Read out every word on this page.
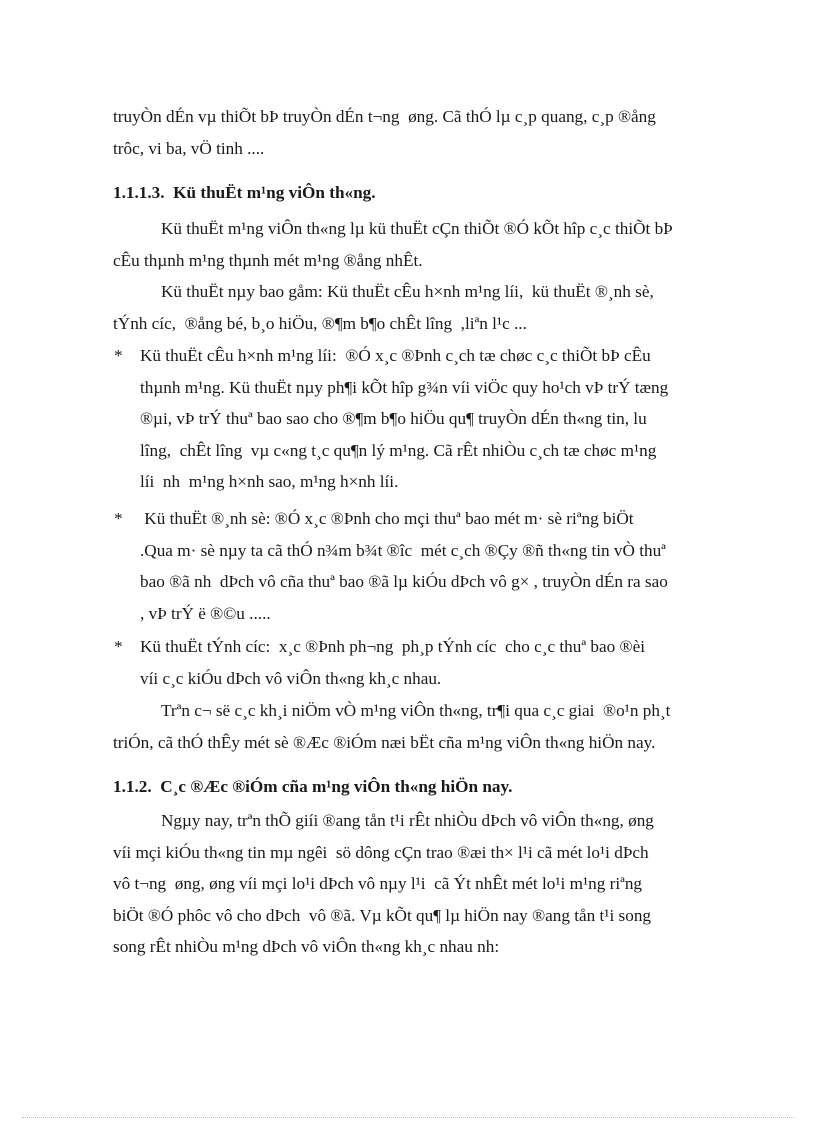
truyÒn dÉn vµ thiÕt bÞ truyÒn dÉn t¬ng  øng. Cã thÓ lµ c¸p quang, c¸p ®ång
trôc, vi ba, vÖ tinh ....
1.1.1.3.  Kü thuËt m¹ng viÔn th«ng.
Kü thuËt m¹ng viÔn th«ng lµ kü thuËt cÇn thiÕt ®Ó kÕt hîp c¸c thiÕt bÞ
cÊu thµnh m¹ng thµnh mét m¹ng ®ång nhÊt.
Kü thuËt nµy bao gåm: Kü thuËt cÊu h×nh m¹ng líi,  kü thuËt ®¸nh sè,
tÝnh cíc,  ®ång bé, b¸o hiÖu, ®¶m b¶o chÊt lîng  ,liªn l¹c ...
* Kü thuËt cÊu h×nh m¹ng líi:  ®Ó x¸c ®Þnh c¸ch tæ chøc c¸c thiÕt bÞ cÊu
thµnh m¹ng. Kü thuËt nµy ph¶i kÕt hîp g¾n víi viÖc quy ho¹ch vÞ trÝ tæng
®µi, vÞ trÝ thuª bao sao cho ®¶m b¶o hiÖu qu¶ truyÒn dÉn th«ng tin, lu
lîng,  chÊt lîng  vµ c«ng t¸c qu¶n lý m¹ng. Cã rÊt nhiÒu c¸ch tæ chøc m¹ng
líi  nh  m¹ng h×nh sao, m¹ng h×nh líi.
* Kü thuËt ®¸nh sè: ®Ó x¸c ®Þnh cho mçi thuª bao mét m· sè riªng biÖt
.Qua m· sè nµy ta cã thÓ n¾m b¾t ®îc  mét c¸ch ®Çy ®ñ th«ng tin vÒ thuª
bao ®ã nh  dÞch vô cña thuª bao ®ã lµ kiÓu dÞch vô g× , truyÒn dÉn ra sao
, vÞ trÝ ë ®©u .....
* Kü thuËt tÝnh cíc:  x¸c ®Þnh ph¬ng  ph¸p tÝnh cíc  cho c¸c thuª bao ®èi
víi c¸c kiÓu dÞch vô viÔn th«ng kh¸c nhau.
Trªn c¬ së c¸c kh¸i niÖm vÒ m¹ng viÔn th«ng, tr¶i qua c¸c giai  ®o¹n ph¸t
triÓn, cã thÓ thÊy mét sè ®Æc ®iÓm næi bËt cña m¹ng viÔn th«ng hiÖn nay.
1.1.2.  C¸c ®Æc ®iÓm cña m¹ng viÔn th«ng hiÖn nay.
Ngµy nay, trªn thÕ giíi ®ang tån t¹i rÊt nhiÒu dÞch vô viÔn th«ng, øng
víi mçi kiÓu th«ng tin mµ ngêi  sö dông cÇn trao ®æi th× l¹i cã mét lo¹i dÞch
vô t¬ng  øng, øng víi mçi lo¹i dÞch vô nµy l¹i  cã Ýt nhÊt mét lo¹i m¹ng riªng
biÖt ®Ó phôc vô cho dÞch  vô ®ã. Vµ kÕt qu¶ lµ hiÖn nay ®ang tån t¹i song
song rÊt nhiÒu m¹ng dÞch vô viÔn th«ng kh¸c nhau nh:
